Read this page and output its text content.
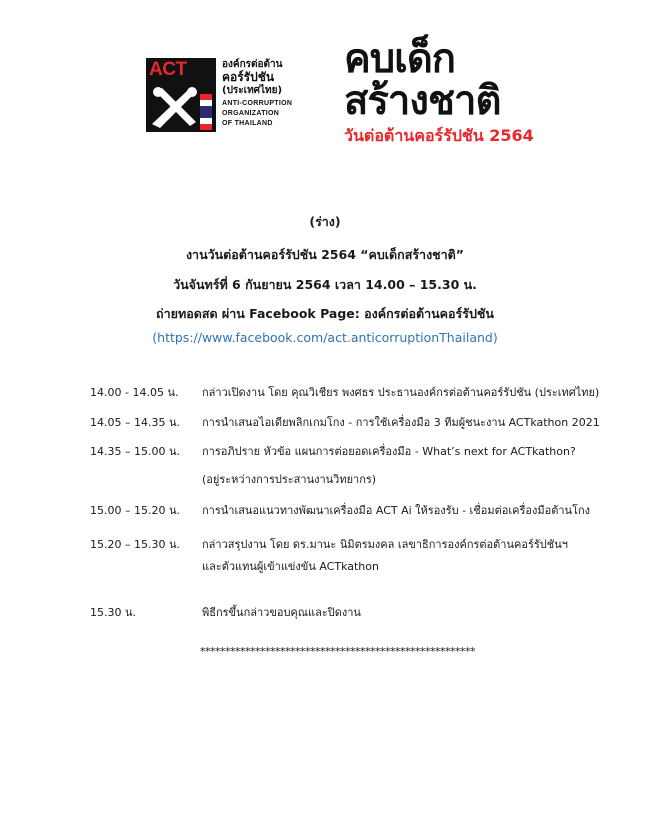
ACT	องค์กรต่อต้าน
คอร์รัปชัน
(ประเทศไทย)
ANTI-CORRUPTION
ORGANIZATION
OF THAILAND
คบเด็ก
สร้างชาติ
วันต่อต้านคอร์รัปชัน 2564
(ร่าง)
งานวันต่อต้านคอร์รัปชัน 2564 “คบเด็กสร้างชาติ”
วันจันทร์ที่ 6 กันยายน 2564 เวลา 14.00 – 15.30 น.
ถ่ายทอดสด ผ่าน Facebook Page: องค์กรต่อต้านคอร์รัปชัน
(https://www.facebook.com/act.anticorruptionThailand)
14.00 - 14.05 น. กล่าวเปิดงาน โดย คุณวิเชียร พงศธร ประธานองค์กรต่อต้านคอร์รัปชัน (ประเทศไทย)
14.05 – 14.35 น. การนำเสนอไอเดียพลิกเกมโกง - การใช้เครื่องมือ 3 ทีมผู้ชนะงาน ACTkathon 2021
14.35 – 15.00 น. การอภิปราย หัวข้อ แผนการต่อยอดเครื่องมือ - What’s next for ACTkathon?
(อยู่ระหว่างการประสานงานวิทยากร)
15.00 – 15.20 น. การนำเสนอแนวทางพัฒนาเครื่องมือ ACT Ai ให้รองรับ - เชื่อมต่อเครื่องมือต้านโกง
15.20 – 15.30 น. กล่าวสรุปงาน โดย ดร.มานะ นิมิตรมงคล เลขาธิการองค์กรต่อต้านคอร์รัปชันฯ
และตัวแทนผู้เข้าแข่งขัน ACTkathon
15.30 น.	พิธีกรขึ้นกล่าวขอบคุณและปิดงาน
*******************************************************
